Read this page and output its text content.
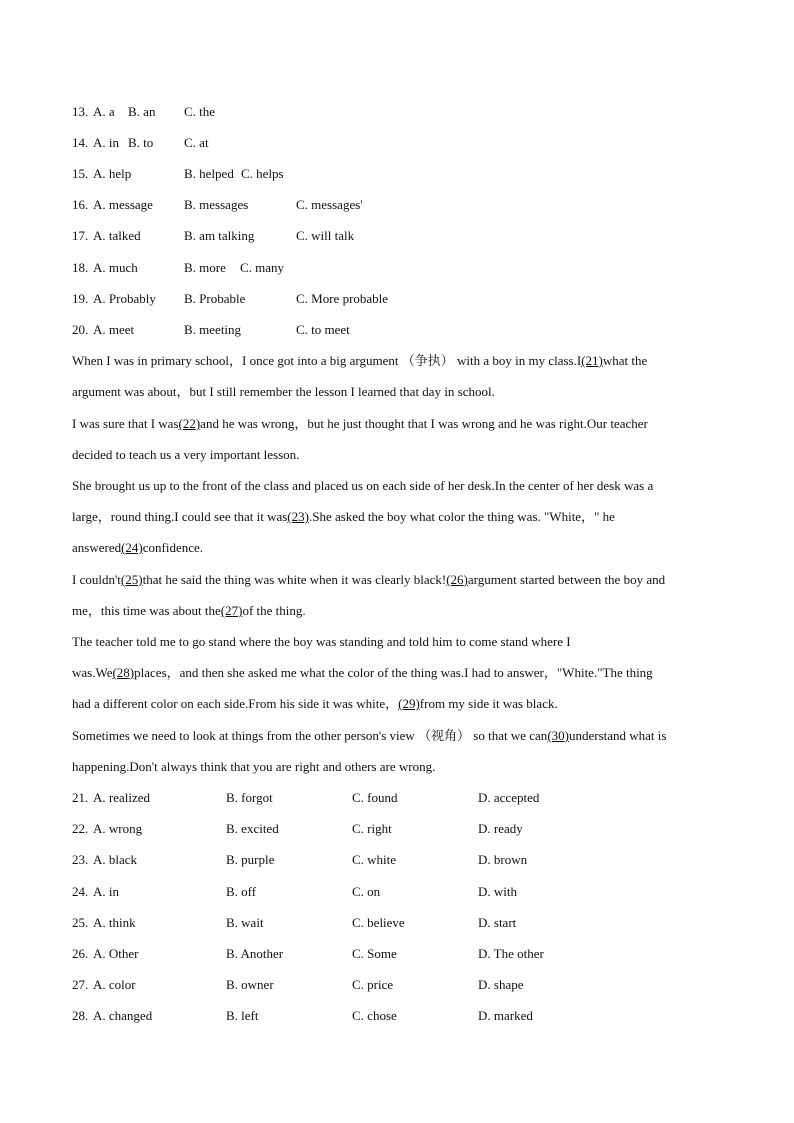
13. A. a B. an C. the
14. A. in B. to C. at
15. A. help	B. helped C. helps
16. A. message B. messages	C. messages'
17. A. talked	B. am talking	C. will talk
18. A. much	B. more C. many
19. A. Probably B. Probable	C. More probable
20. A. meet	B. meeting	C. to meet
When I was in primary school，I once got into a big argument （争执） with a boy in my class.I(21)what the
argument was about，but I still remember the lesson I learned that day in school.
I was sure that I was(22)and he was wrong，but he just thought that I was wrong and he was right.Our teacher
decided to teach us a very important lesson.
She brought us up to the front of the class and placed us on each side of her desk.In the center of her desk was a
large，round thing.I could see that it was(23).She asked the boy what color the thing was. "White，" he
answered(24)confidence.
I couldn't(25)that he said the thing was white when it was clearly black!(26)argument started between the boy and
me，this time was about the(27)of the thing.
The teacher told me to go stand where the boy was standing and told him to come stand where I
was.We(28)places，and then she asked me what the color of the thing was.I had to answer，"White."The thing
had a different color on each side.From his side it was white，(29)from my side it was black.
Sometimes we need to look at things from the other person's view （视角） so that we can(30)understand what is
happening.Don't always think that you are right and others are wrong.
21. A. realized	B. forgot	C. found	D. accepted
22. A. wrong	B. excited	C. right	D. ready
23. A. black	B. purple	C. white	D. brown
24. A. in	B. off	C. on	D. with
25. A. think	B. wait	C. believe	D. start
26. A. Other	B. Another	C. Some	D. The other
27. A. color	B. owner	C. price	D. shape
28. A. changed	B. left	C. chose	D. marked
